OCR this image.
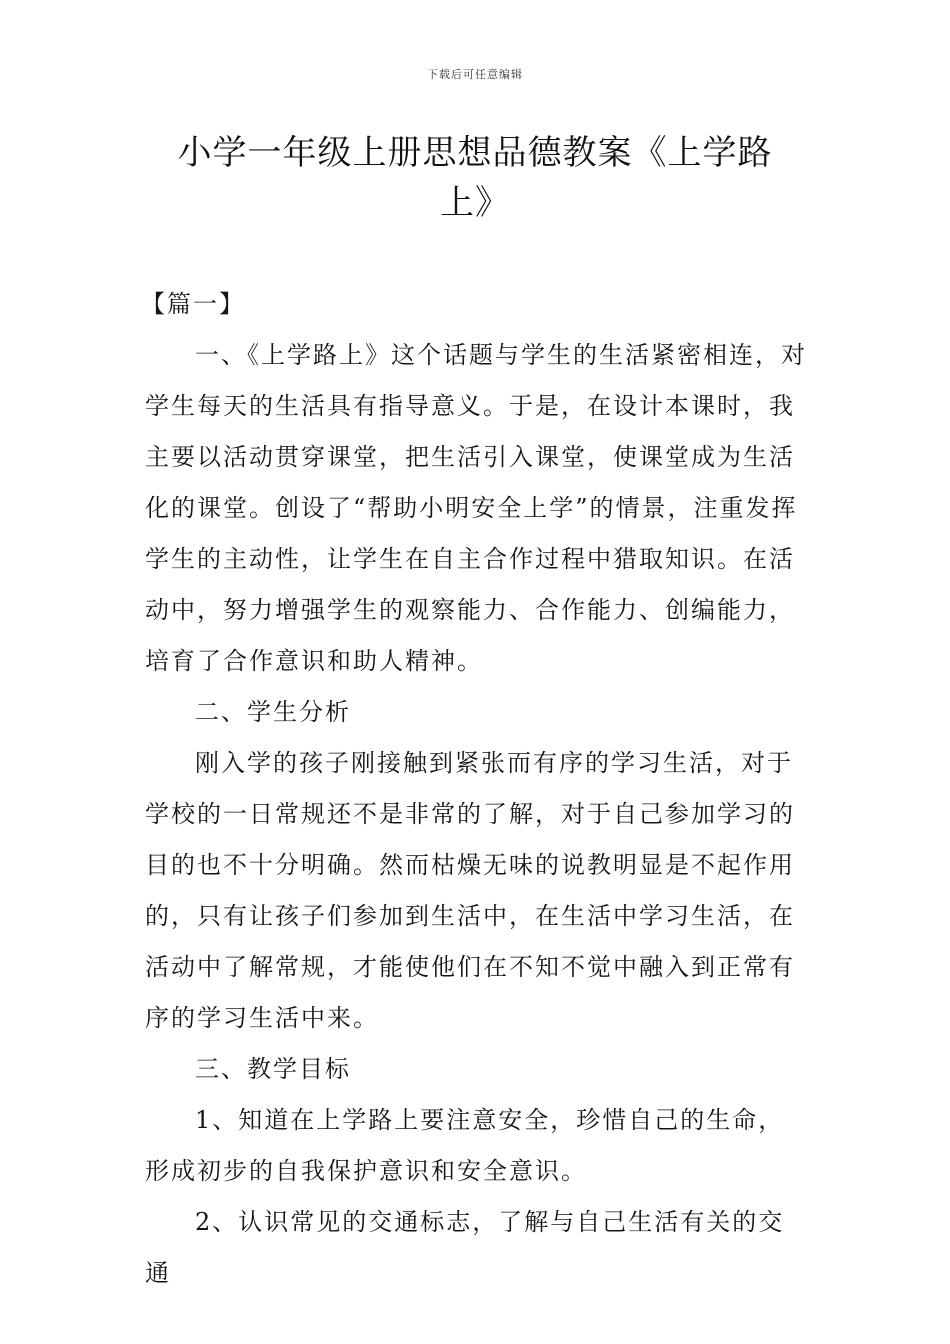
下载后可任意编辑
小学一年级上册思想品德教案《上学路
上》

【篇一】

一、《上学路上》这个话题与学生的生活紧密相连，对学生每天的生活具有指导意义。于是，在设计本课时，我主要以活动贯穿课堂，把生活引入课堂，使课堂成为生活化的课堂。创设了“帮助小明安全上学”的情景，注重发挥学生的主动性，让学生在自主合作过程中猎取知识。在活动中，努力增强学生的观察能力、合作能力、创编能力，培育了合作意识和助人精神。

二、学生分析

刚入学的孩子刚接触到紧张而有序的学习生活，对于学校的一日常规还不是非常的了解，对于自己参加学习的目的也不十分明确。然而枯燥无味的说教明显是不起作用的，只有让孩子们参加到生活中，在生活中学习生活，在活动中了解常规，才能使他们在不知不觉中融入到正常有序的学习生活中来。

三、教学目标

1、知道在上学路上要注意安全，珍惜自己的生命，形成初步的自我保护意识和安全意识。

2、认识常见的交通标志，了解与自己生活有关的交通
